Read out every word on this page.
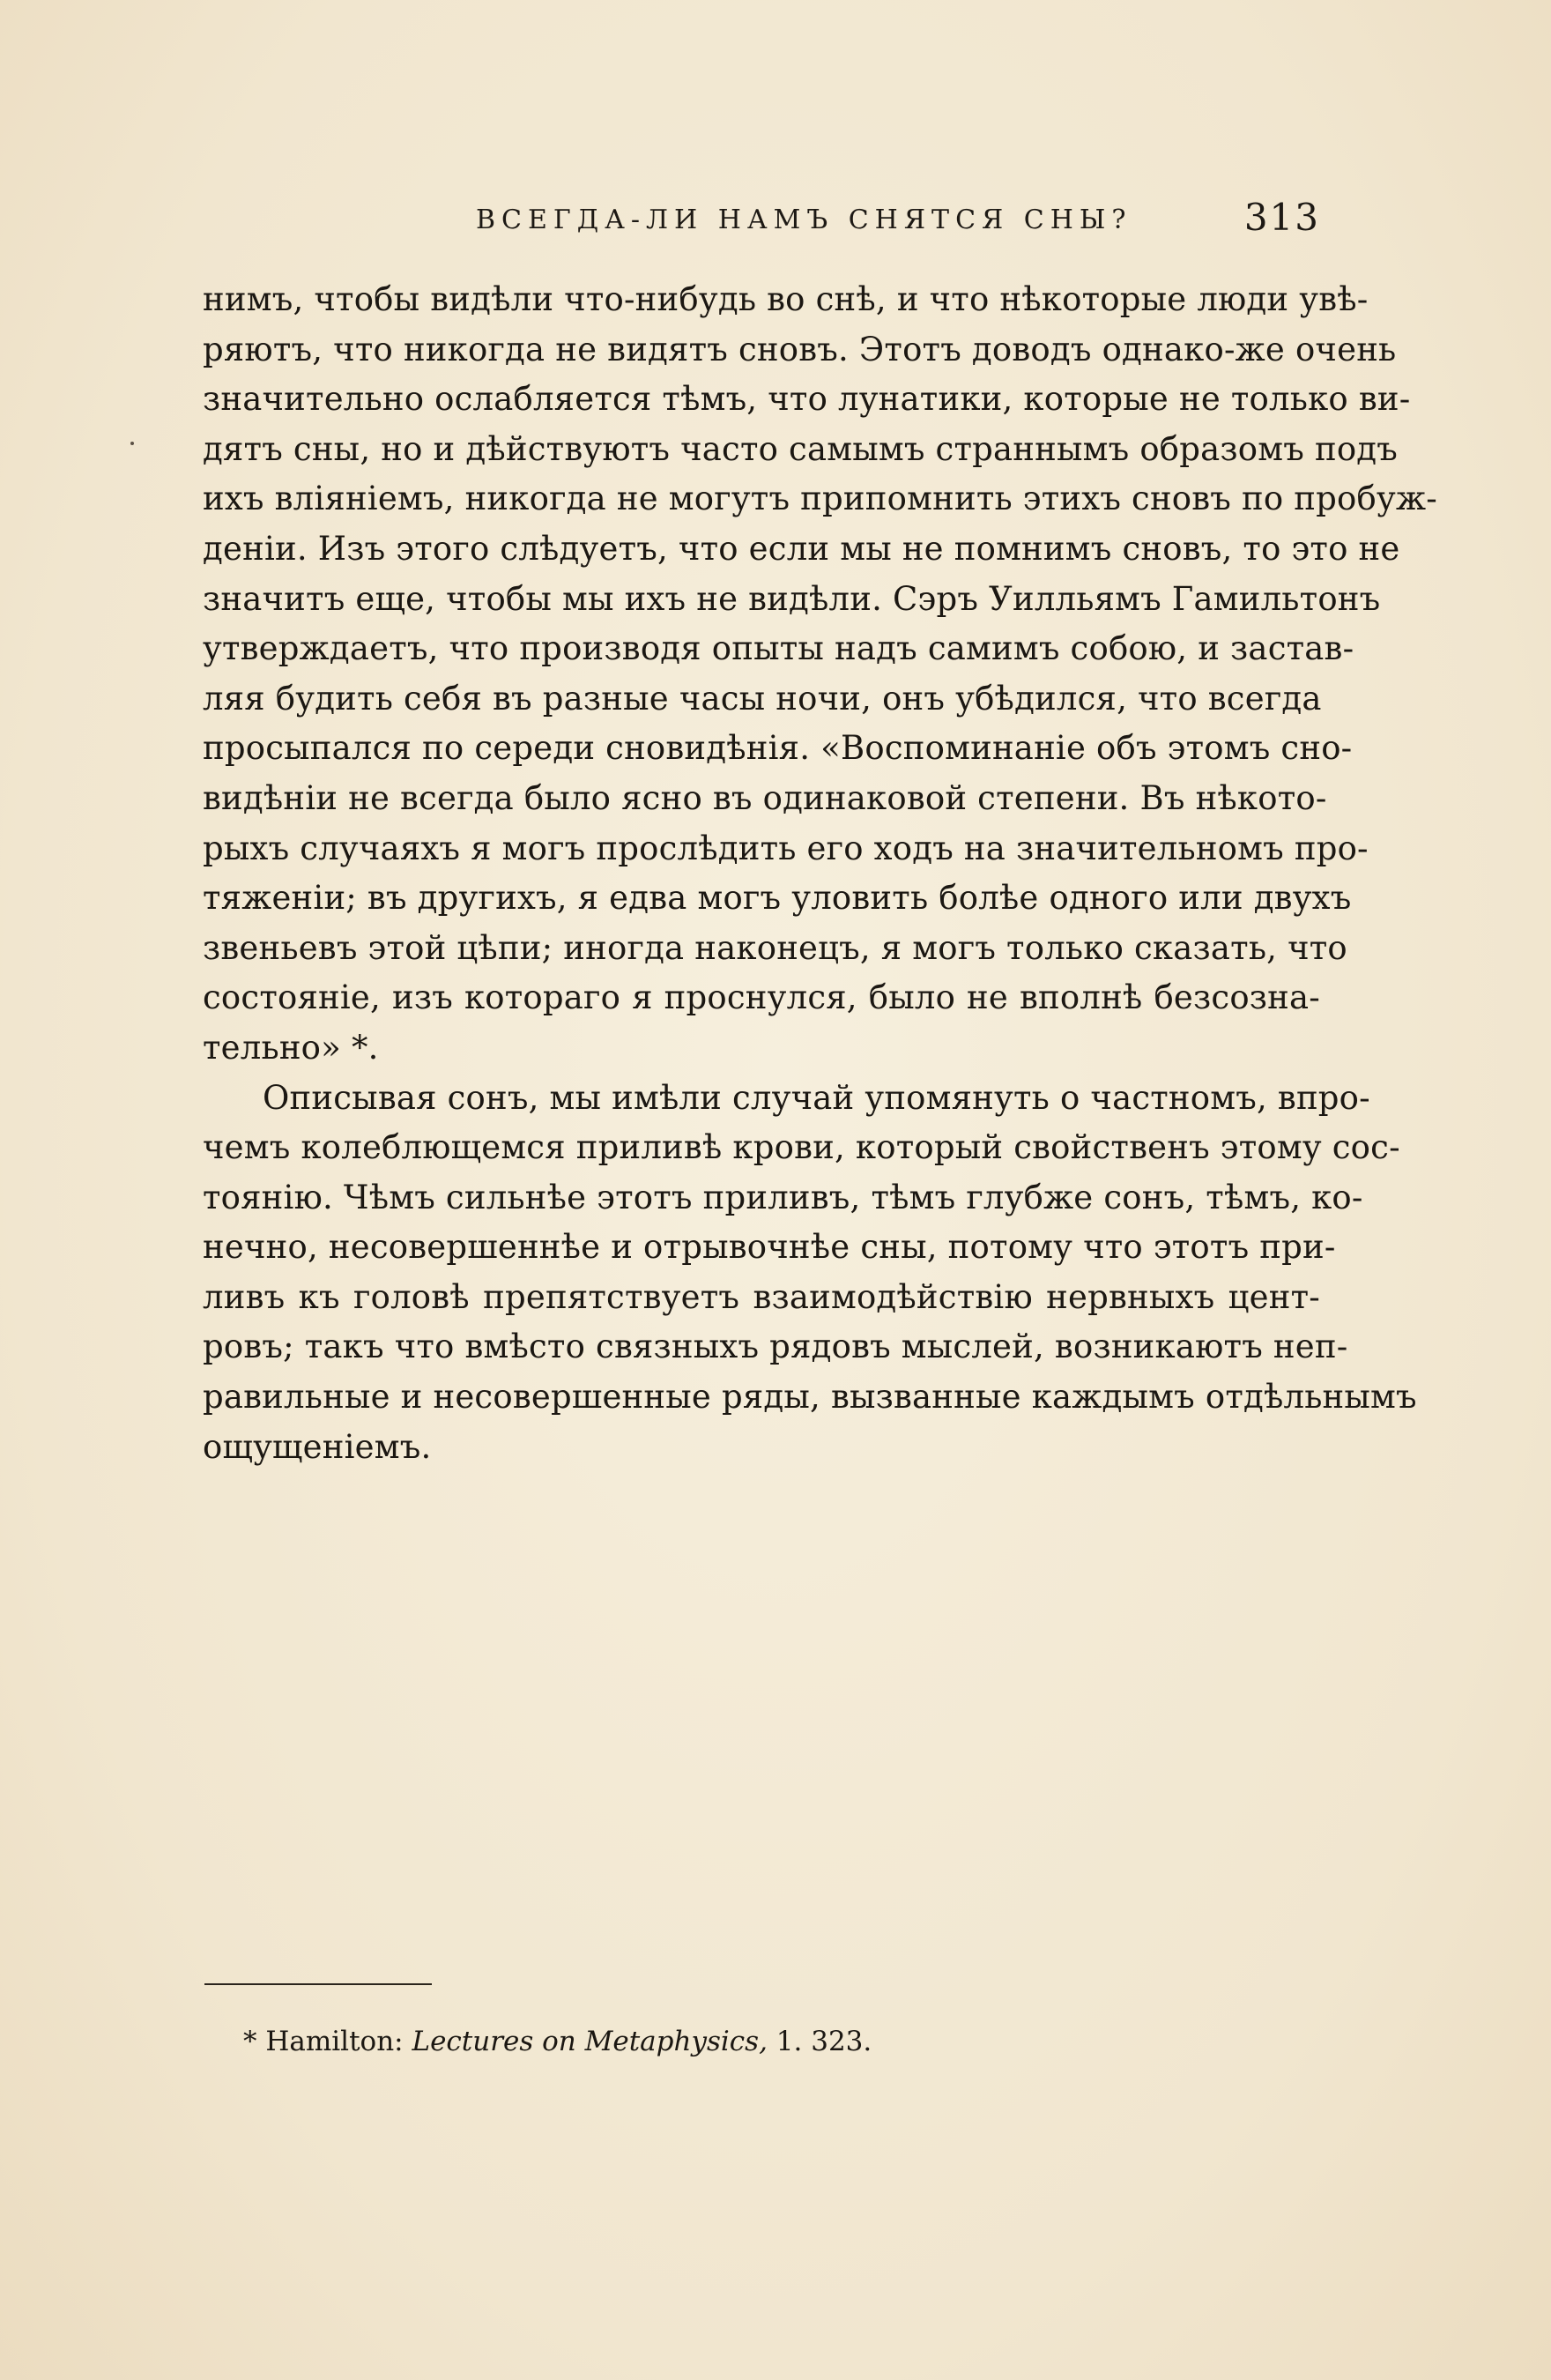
ВСЕГДА-ЛИ НАМЪ СНЯТСЯ СНЫ?	313
нимъ, чтобы видѣли что-нибудь во снѣ, и что нѣкоторые люди увѣ-
ряютъ, что никогда не видятъ сновъ. Этотъ доводъ однако-же очень
значительно ослабляется тѣмъ, что лунатики, которые не только ви-
дятъ сны, но и дѣйствуютъ часто самымъ страннымъ образомъ подъ
ихъ вліяніемъ, никогда не могутъ припомнить этихъ сновъ по пробуж-
деніи. Изъ этого слѣдуетъ, что если мы не помнимъ сновъ, то это не
значитъ еще, чтобы мы ихъ не видѣли. Сэръ Уилльямъ Гамильтонъ
утверждаетъ, что производя опыты надъ самимъ собою, и застав-
ляя будить себя въ разные часы ночи, онъ убѣдился, что всегда
просыпался по середи сновидѣнія. «Воспоминаніе объ этомъ сно-
видѣніи не всегда было ясно въ одинаковой степени. Въ нѣкото-
рыхъ случаяхъ я могъ прослѣдить его ходъ на значительномъ про-
тяженіи; въ другихъ, я едва могъ уловить болѣе одного или двухъ
звеньевъ этой цѣпи; иногда наконецъ, я могъ только сказать, что
состояніе, изъ котораго я проснулся, было не вполнѣ безсозна-
тельно» *.
Описывая сонъ, мы имѣли случай упомянуть о частномъ, впро-
чемъ колеблющемся приливѣ крови, который свойственъ этому сос-
тоянію. Чѣмъ сильнѣе этотъ приливъ, тѣмъ глубже сонъ, тѣмъ, ко-
нечно, несовершеннѣе и отрывочнѣе сны, потому что этотъ при-
ливъ къ головѣ препятствуетъ взаимодѣйствію нервныхъ цент-
ровъ; такъ что вмѣсто связныхъ рядовъ мыслей, возникаютъ неп-
равильные и несовершенные ряды, вызванные каждымъ отдѣльнымъ
ощущеніемъ.
* Hamilton: Lectures on Metaphysics, 1. 323.
